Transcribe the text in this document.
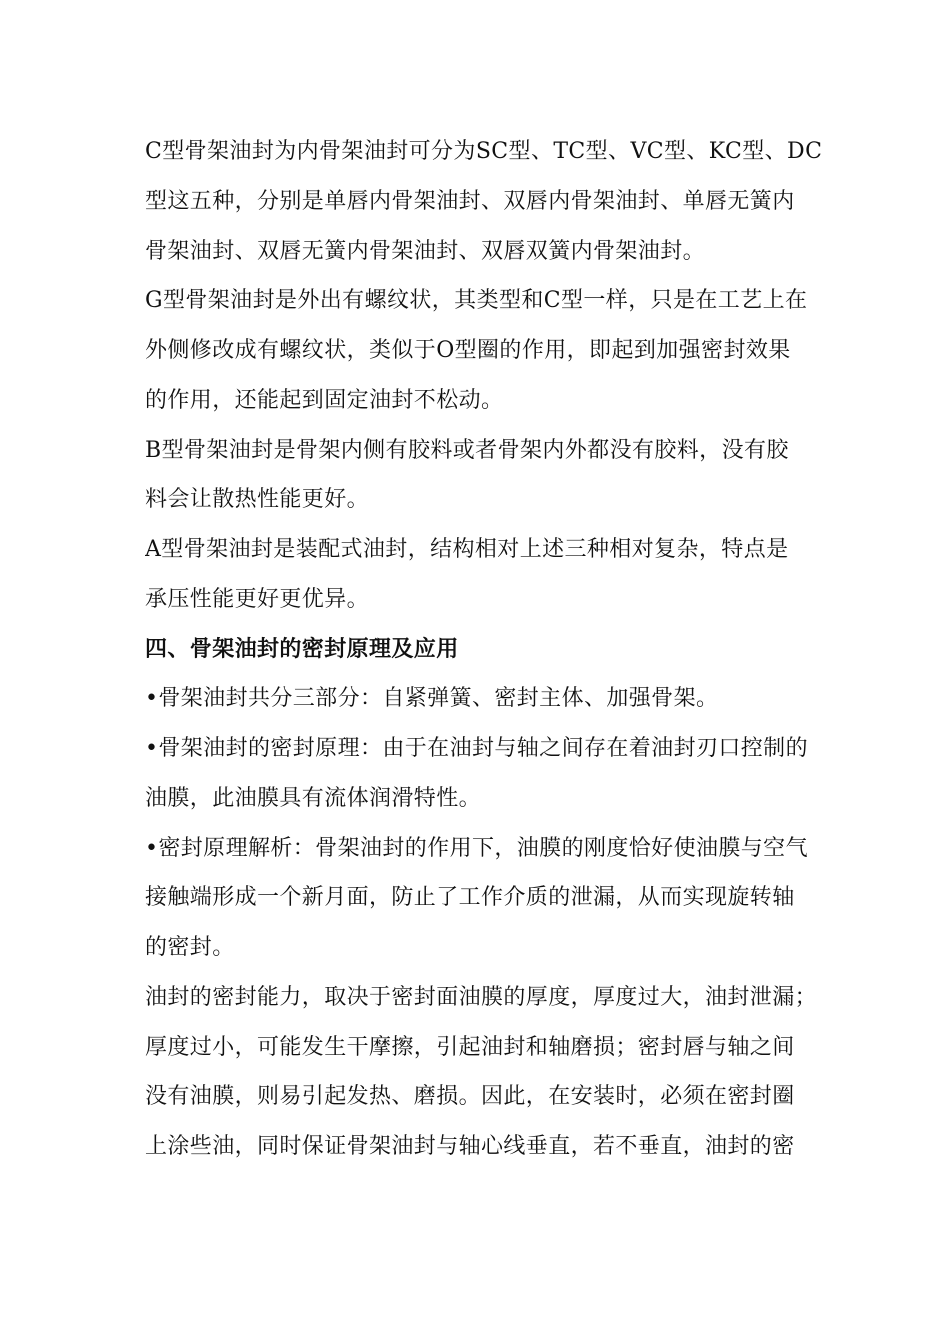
C型骨架油封为内骨架油封可分为SC型、TC型、VC型、KC型、DC
型这五种，分别是单唇内骨架油封、双唇内骨架油封、单唇无簧内
骨架油封、双唇无簧内骨架油封、双唇双簧内骨架油封。
G型骨架油封是外出有螺纹状，其类型和C型一样，只是在工艺上在
外侧修改成有螺纹状，类似于O型圈的作用，即起到加强密封效果
的作用，还能起到固定油封不松动。
B型骨架油封是骨架内侧有胶料或者骨架内外都没有胶料，没有胶
料会让散热性能更好。
A型骨架油封是装配式油封，结构相对上述三种相对复杂，特点是
承压性能更好更优异。
四、骨架油封的密封原理及应用
•骨架油封共分三部分：自紧弹簧、密封主体、加强骨架。
•骨架油封的密封原理：由于在油封与轴之间存在着油封刃口控制的
油膜，此油膜具有流体润滑特性。
•密封原理解析：骨架油封的作用下，油膜的刚度恰好使油膜与空气
接触端形成一个新月面，防止了工作介质的泄漏，从而实现旋转轴
的密封。
油封的密封能力，取决于密封面油膜的厚度，厚度过大，油封泄漏；
厚度过小，可能发生干摩擦，引起油封和轴磨损；密封唇与轴之间
没有油膜，则易引起发热、磨损。因此，在安装时，必须在密封圈
上涂些油，同时保证骨架油封与轴心线垂直，若不垂直，油封的密
